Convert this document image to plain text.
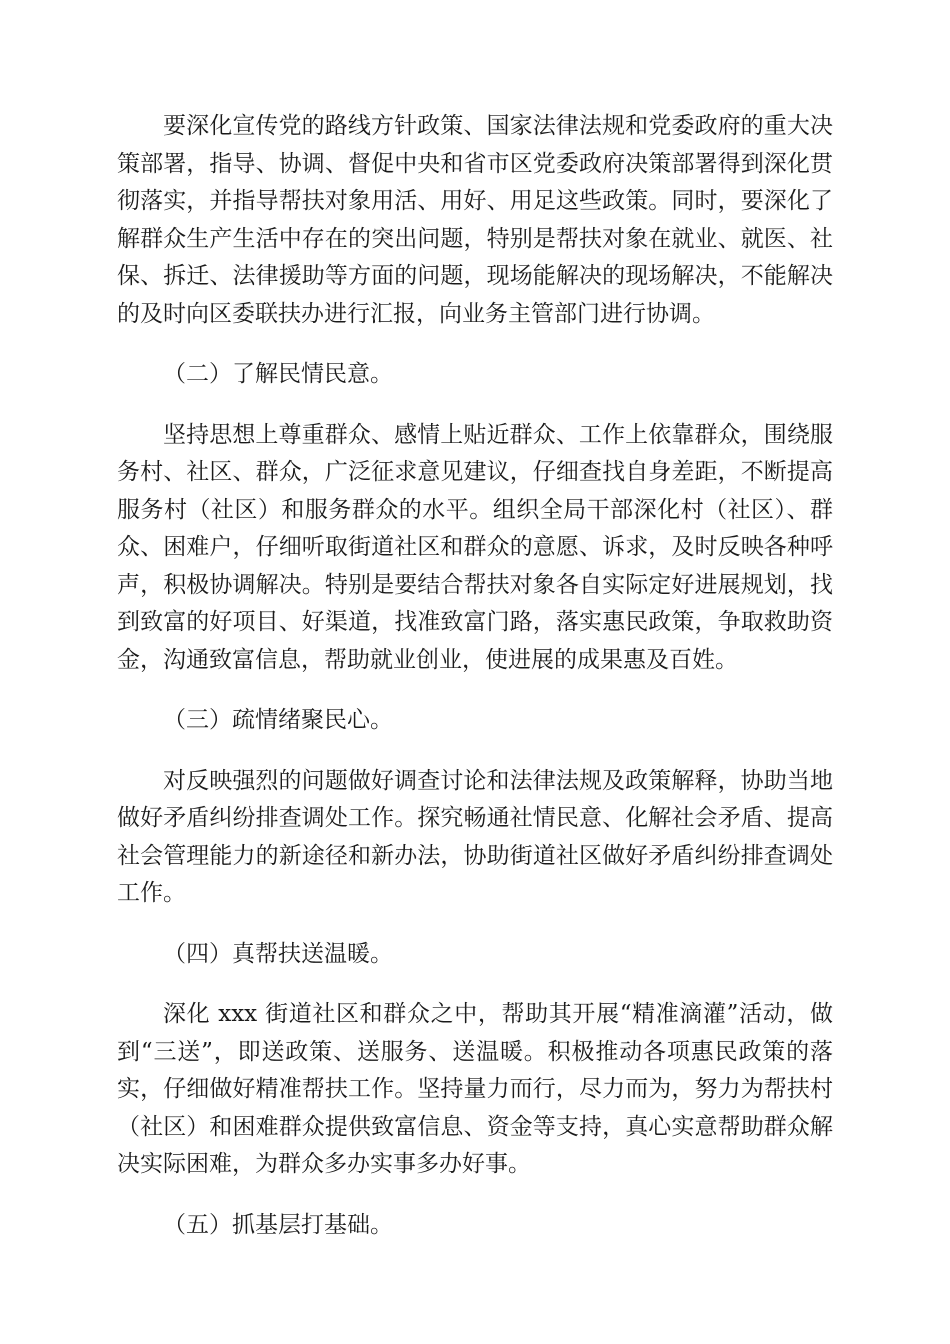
要深化宣传党的路线方针政策、国家法律法规和党委政府的重大决策部署，指导、协调、督促中央和省市区党委政府决策部署得到深化贯彻落实，并指导帮扶对象用活、用好、用足这些政策。同时，要深化了解群众生产生活中存在的突出问题，特别是帮扶对象在就业、就医、社保、拆迁、法律援助等方面的问题，现场能解决的现场解决，不能解决的及时向区委联扶办进行汇报，向业务主管部门进行协调。

（二）了解民情民意。

坚持思想上尊重群众、感情上贴近群众、工作上依靠群众，围绕服务村、社区、群众，广泛征求意见建议，仔细查找自身差距，不断提高服务村（社区）和服务群众的水平。组织全局干部深化村（社区）、群众、困难户，仔细听取街道社区和群众的意愿、诉求，及时反映各种呼声，积极协调解决。特别是要结合帮扶对象各自实际定好进展规划，找到致富的好项目、好渠道，找准致富门路，落实惠民政策，争取救助资金，沟通致富信息，帮助就业创业，使进展的成果惠及百姓。

（三）疏情绪聚民心。

对反映强烈的问题做好调查讨论和法律法规及政策解释，协助当地做好矛盾纠纷排查调处工作。探究畅通社情民意、化解社会矛盾、提高社会管理能力的新途径和新办法，协助街道社区做好矛盾纠纷排查调处工作。

（四）真帮扶送温暖。

深化 xxx 街道社区和群众之中，帮助其开展“精准滴灌”活动，做到“三送”，即送政策、送服务、送温暖。积极推动各项惠民政策的落实，仔细做好精准帮扶工作。坚持量力而行，尽力而为，努力为帮扶村（社区）和困难群众提供致富信息、资金等支持，真心实意帮助群众解决实际困难，为群众多办实事多办好事。

（五）抓基层打基础。
